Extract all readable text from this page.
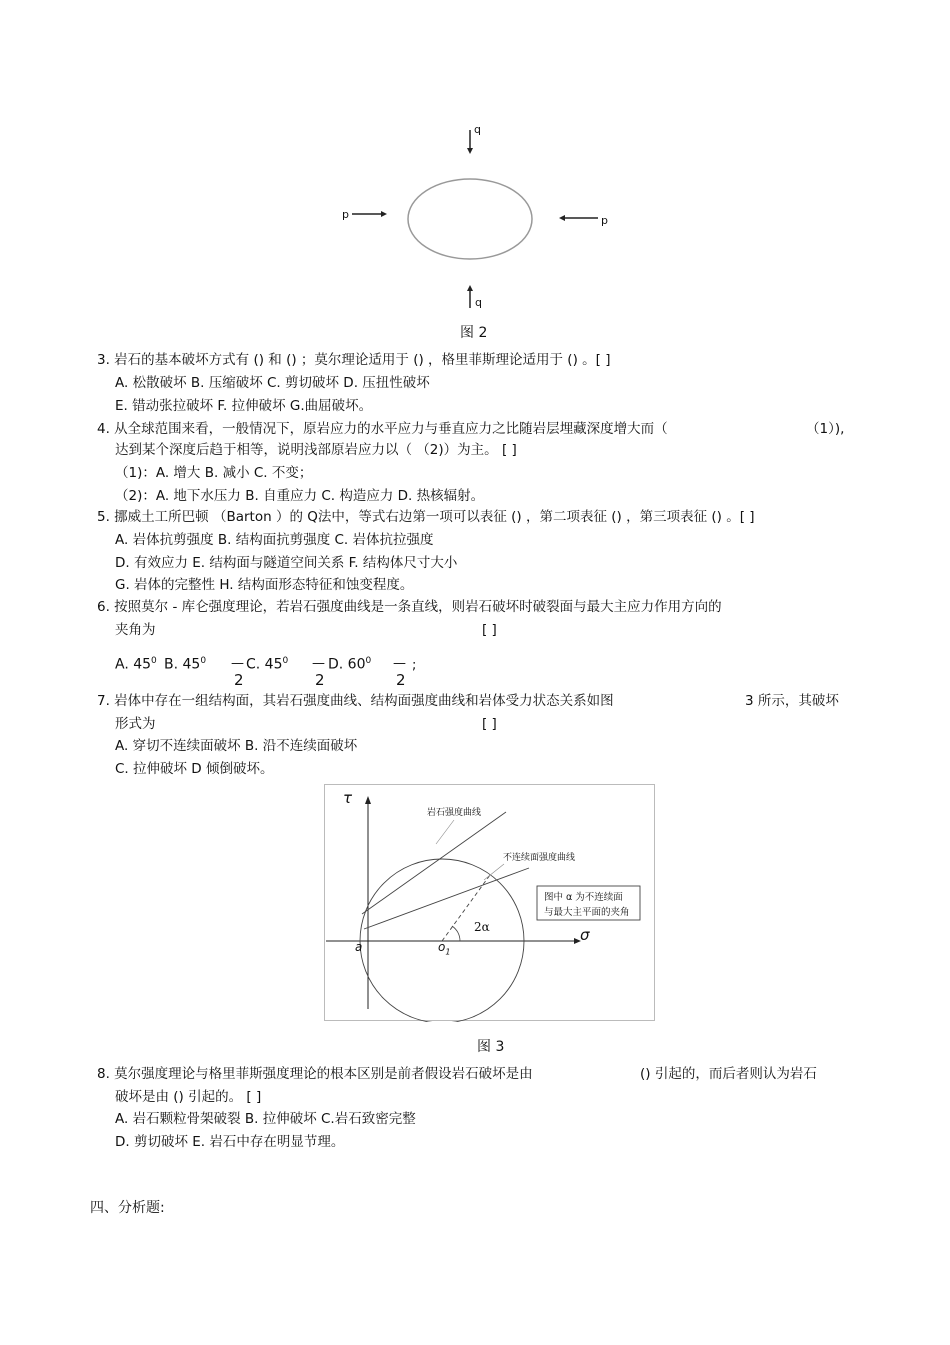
q
q
p	p
图 2
3. 岩石的基本破坏方式有 () 和 () ；莫尔理论适用于 () ，格里菲斯理论适用于 () 。[ ]
A. 松散破坏 B. 压缩破坏 C. 剪切破坏 D. 压扭性破坏
E. 错动张拉破坏 F. 拉伸破坏 G.曲屈破坏。
4. 从全球范围来看，一般情况下，原岩应力的水平应力与垂直应力之比随岩层埋藏深度增大而（	（1）),
达到某个深度后趋于相等，说明浅部原岩应力以（ （2)）为主。 [ ]
（1)：A. 增大 B. 减小 C. 不变；
（2)：A. 地下水压力 B. 自重应力 C. 构造应力 D. 热核辐射。
5. 挪威土工所巴顿 （Barton ）的 Q法中，等式右边第一项可以表征 () ，第二项表征 () ，第三项表征 () 。[ ]
A. 岩体抗剪强度 B. 结构面抗剪强度 C. 岩体抗拉强度
D. 有效应力 E. 结构面与隧道空间关系 F. 结构体尺寸大小
G. 岩体的完整性 H. 结构面形态特征和蚀变程度。
6. 按照莫尔 - 库仑强度理论，若岩石强度曲线是一条直线，则岩石破坏时破裂面与最大主应力作用方向的
夹角为	[ ]
A. $45^0$ B. $45^0$ —
2
C. $45^0$ —
2
D. $60^0$ —
2
;
7. 岩体中存在一组结构面，其岩石强度曲线、结构面强度曲线和岩体受力状态关系如图	3 所示，其破坏
形式为	[ ]
A. 穿切不连续面破坏 B. 沿不连续面破坏
C. 拉伸破坏 D 倾倒破坏。
τ
σ
岩石强度曲线
不连续面强度曲线
图中 α 为不连续面
与最大主平面的夹角
2α
a	$o_1$
图 3
8. 莫尔强度理论与格里菲斯强度理论的根本区别是前者假设岩石破坏是由	() 引起的，而后者则认为岩石
破坏是由 () 引起的。 [ ]
A. 岩石颗粒骨架破裂 B. 拉伸破坏 C.岩石致密完整
D. 剪切破坏 E. 岩石中存在明显节理。
四、分析题:
